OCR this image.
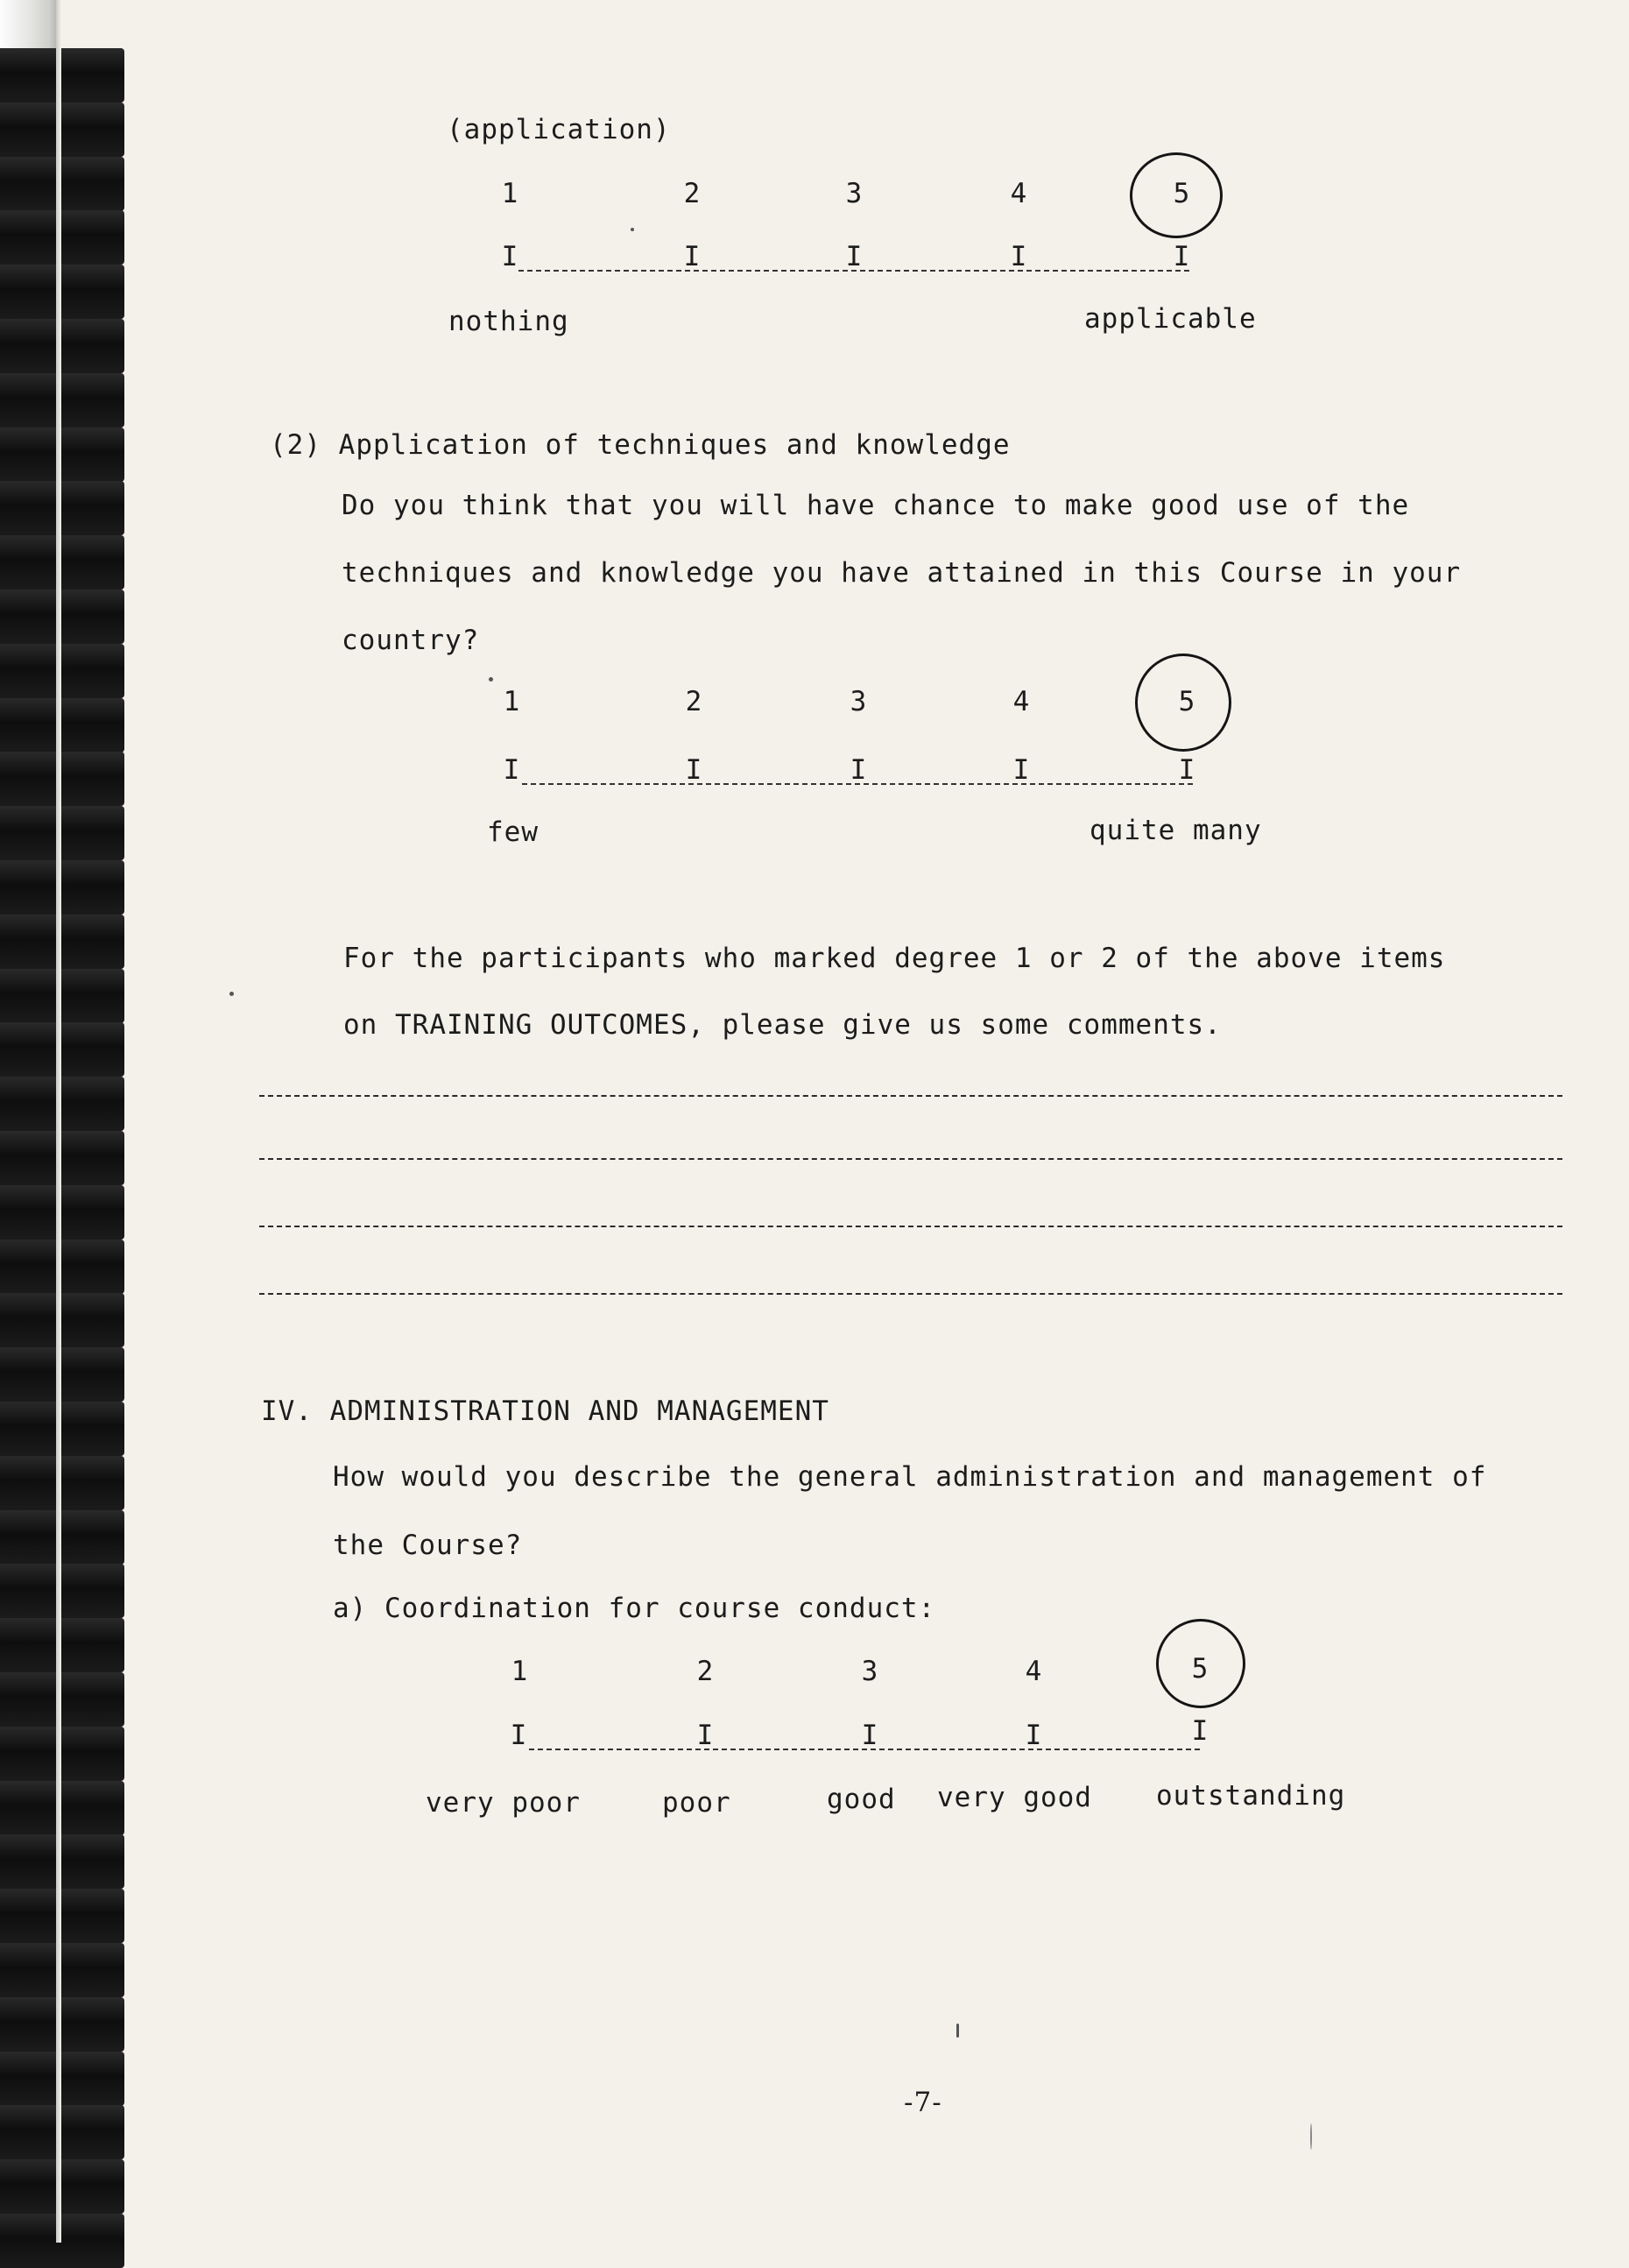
(application)
1	2	3	4	5
I	I	I	I	I
nothing	applicable
(2) Application of techniques and knowledge
Do you think that you will have chance to make good use of the
techniques and knowledge you have attained in this Course in your
country?
1	2	3	4	5
I	I	I	I	I
few	quite many
For the participants who marked degree 1 or 2 of the above items
on TRAINING OUTCOMES, please give us some comments.
IV. ADMINISTRATION AND MANAGEMENT
How would you describe the general administration and management of
the Course?
a) Coordination for course conduct:
1	2	3	4	5
I	I	I	I	I
very poor	poor	good very good outstanding
-7-
